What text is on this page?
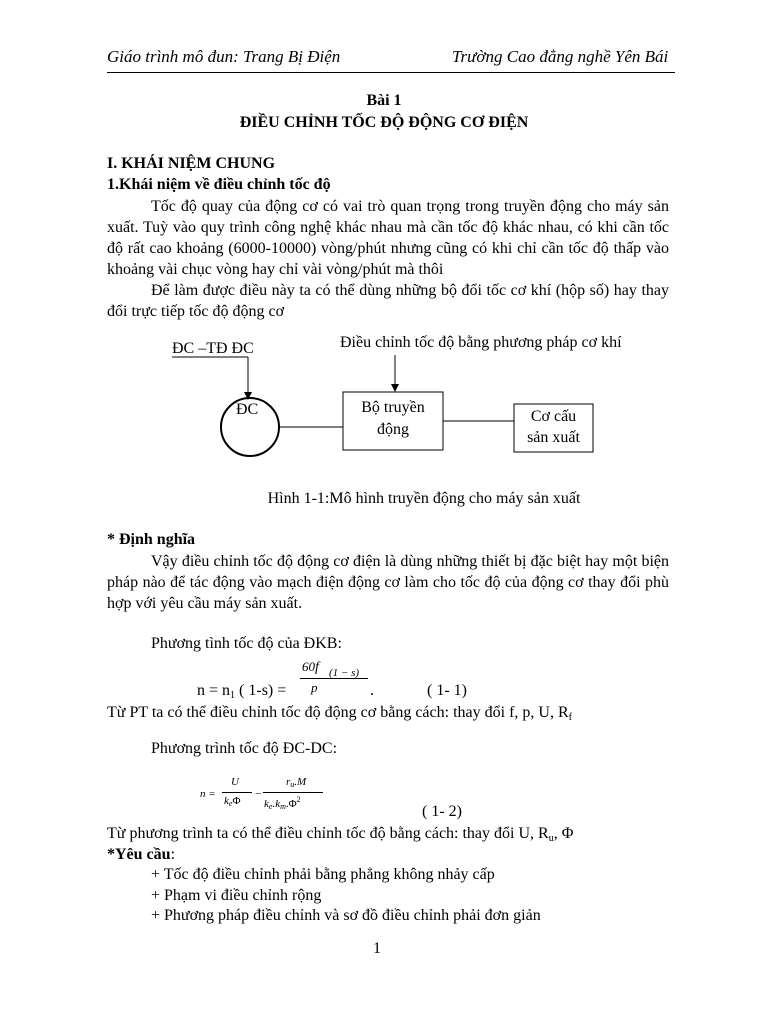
Giáo trình mô đun: Trang Bị Điện	Trường Cao đẳng nghề Yên Bái
Bài 1
ĐIỀU CHỈNH TỐC ĐỘ ĐỘNG CƠ ĐIỆN
I. KHÁI NIỆM CHUNG
1.Khái niệm về điều chỉnh tốc độ

Tốc độ quay của động cơ có vai trò quan trọng trong truyền động cho máy sản xuất. Tuỳ vào quy trình công nghệ khác nhau mà cần tốc độ khác nhau, có khi cần tốc độ rất cao khoảng (6000-10000) vòng/phút nhưng cũng có khi chỉ cần tốc độ thấp vào khoảng vài chục vòng hay chỉ vài vòng/phút mà thôi

Để làm được điều này ta có thể dùng những bộ đổi tốc cơ khí (hộp số) hay thay đổi trực tiếp tốc độ động cơ

ĐC –TĐ ĐC	Điều chỉnh tốc độ bằng phương pháp cơ khí
ĐC	Bộ truyền
động
Cơ cấu
sản xuất
Hình 1-1:Mô hình truyền động cho máy sản xuất
* Định nghĩa

Vậy điều chỉnh tốc độ động cơ điện là dùng những thiết bị đặc biệt hay một biện pháp nào để tác động vào mạch điện động cơ làm cho tốc độ của động cơ thay đổi phù hợp với yêu cầu máy sản xuất.

Phương tình tốc độ của ĐKB:
$n = n_1$ ( 1-s) =
60f (1 − s)
p	.	( 1- 1)
Từ PT ta có thể điều chỉnh tốc độ động cơ bằng cách: thay đổi f, p, U, $R_f$
Phương trình tốc độ ĐC-DC:
n =
U
keΦ
−
ru.M
$ke.km.\Phi^2$
( 1- 2)
Từ phương trình ta có thể điều chỉnh tốc độ bằng cách: thay đổi U, $R_u$, Φ
*Yêu cầu:
+ Tốc độ điều chỉnh phải bằng phẳng không nhảy cấp
+ Phạm vi điều chỉnh rộng
+ Phương pháp điều chỉnh và sơ đồ điều chỉnh phải đơn giản
1
